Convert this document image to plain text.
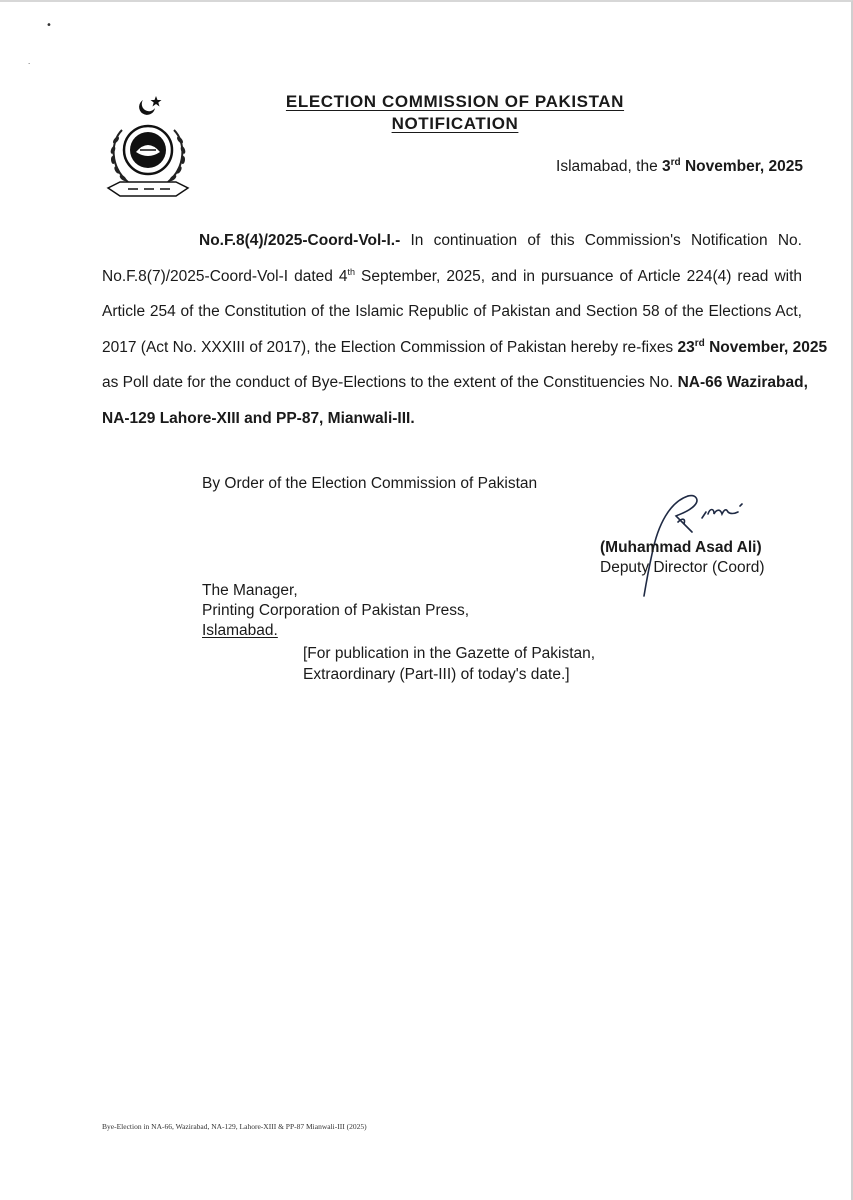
•
·
ELECTION COMMISSION OF PAKISTAN
NOTIFICATION
Islamabad, the 3rd November, 2025
No.F.8(4)/2025-Coord-Vol-I.- In continuation of this Commission's Notification No.
No.F.8(7)/2025-Coord-Vol-I dated 4th September, 2025, and in pursuance of Article 224(4) read with
Article 254 of the Constitution of the Islamic Republic of Pakistan and Section 58 of the Elections Act,
2017 (Act No. XXXIII of 2017), the Election Commission of Pakistan hereby re-fixes 23rd November, 2025
as Poll date for the conduct of Bye-Elections to the extent of the Constituencies No. NA-66 Wazirabad,
NA-129 Lahore-XIII and PP-87, Mianwali-III.
By Order of the Election Commission of Pakistan
(Muhammad Asad Ali)
Deputy Director (Coord)
The Manager,
Printing Corporation of Pakistan Press,
Islamabad.
[For publication in the Gazette of Pakistan,
Extraordinary (Part-III) of today's date.]
Bye-Election in NA-66, Wazirabad, NA-129, Lahore-XIII & PP-87 Mianwali-III (2025)
